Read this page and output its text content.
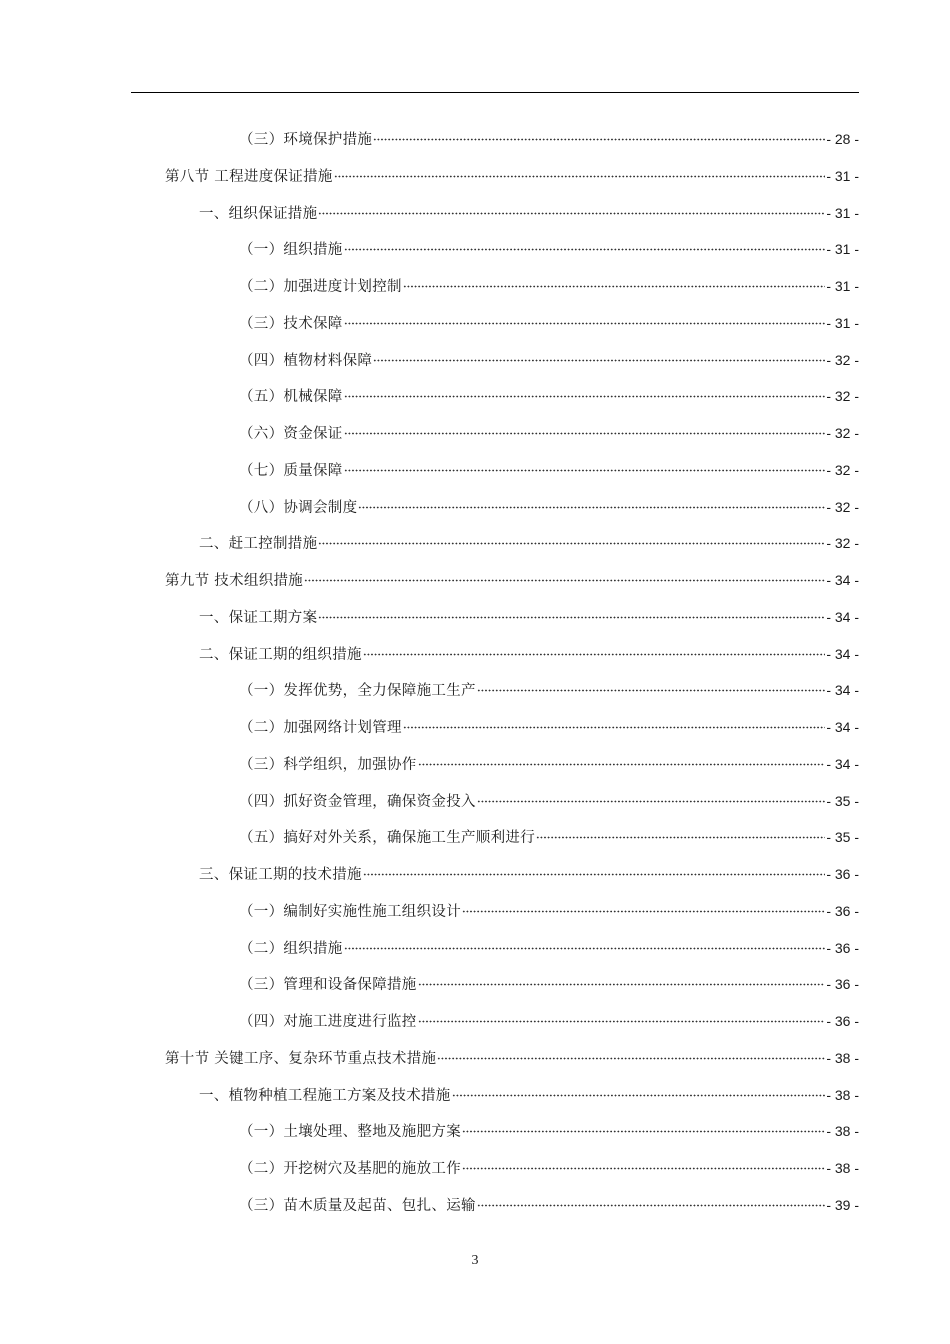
（三）环境保护措施	- 28 -
第八节 工程进度保证措施	- 31 -
一、组织保证措施	- 31 -
（一）组织措施	- 31 -
（二）加强进度计划控制	- 31 -
（三）技术保障	- 31 -
（四）植物材料保障	- 32 -
（五）机械保障	- 32 -
（六）资金保证	- 32 -
（七）质量保障	- 32 -
（八）协调会制度	- 32 -
二、赶工控制措施	- 32 -
第九节 技术组织措施	- 34 -
一、保证工期方案	- 34 -
二、保证工期的组织措施	- 34 -
（一）发挥优势，全力保障施工生产	- 34 -
（二）加强网络计划管理	- 34 -
（三）科学组织，加强协作	- 34 -
（四）抓好资金管理，确保资金投入	- 35 -
（五）搞好对外关系，确保施工生产顺利进行	- 35 -
三、保证工期的技术措施	- 36 -
（一）编制好实施性施工组织设计	- 36 -
（二）组织措施	- 36 -
（三）管理和设备保障措施	- 36 -
（四）对施工进度进行监控	- 36 -
第十节 关键工序、复杂环节重点技术措施	- 38 -
一、植物种植工程施工方案及技术措施	- 38 -
（一）土壤处理、整地及施肥方案	- 38 -
（二）开挖树穴及基肥的施放工作	- 38 -
（三）苗木质量及起苗、包扎、运输	- 39 -
3
